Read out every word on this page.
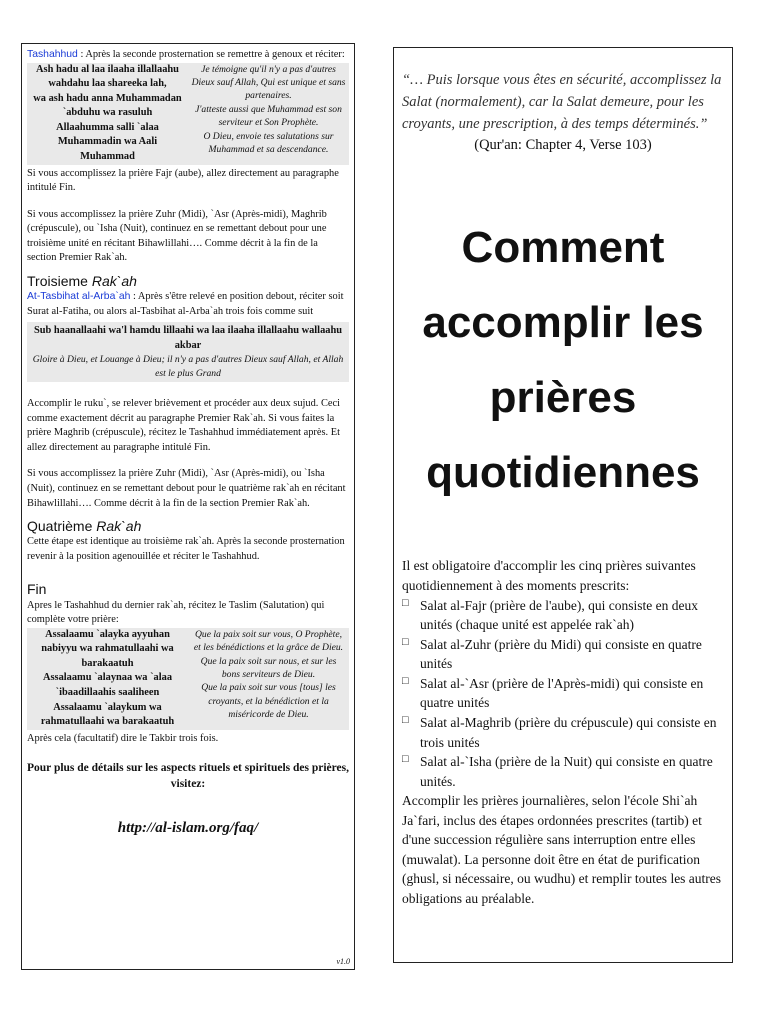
Tashahhud : Après la seconde prosternation se remettre à genoux et réciter:

Ash hadu al laa ilaaha illallaahu wahdahu laa shareeka lah,

wa ash hadu anna Muhammadan `abduhu wa rasuluh

Allaahumma salli `alaa Muhammadin wa Aali Muhammad

Je témoigne qu'il n'y a pas d'autres Dieux sauf Allah, Qui est unique et sans partenaires.

J'atteste aussi que Muhammad est son serviteur et Son Prophète.

O Dieu, envoie tes salutations sur Muhammad et sa descendance.

Si vous accomplissez la prière Fajr (aube), allez directement au paragraphe intitulé Fin.

Si vous accomplissez la prière Zuhr (Midi), `Asr (Après-midi), Maghrib (crépuscule), ou `Isha (Nuit), continuez en se remettant debout pour une troisième unité en récitant Bihawlillahi…. Comme décrit à la fin de la section Premier Rak`ah.

Troisieme Rak`ah

At-Tasbihat al-Arba`ah : Après s'être relevé en position debout, réciter soit Surat al-Fatiha, ou alors al-Tasbihat al-Arba`ah trois fois comme suit

Sub haanallaahi wa'l hamdu lillaahi wa laa ilaaha illallaahu wallaahu akbar

Gloire à Dieu, et Louange à Dieu; il n'y a pas d'autres Dieux sauf Allah, et Allah est le plus Grand

Accomplir le ruku`, se relever brièvement et procéder aux deux sujud. Ceci comme exactement décrit au paragraphe Premier Rak`ah. Si vous faites la prière Maghrib (crépuscule), récitez le Tashahhud immédiatement après. Et allez directement au paragraphe intitulé Fin.

Si vous accomplissez la prière Zuhr (Midi), `Asr (Après-midi), ou `Isha (Nuit), continuez en se remettant debout pour le quatrième rak`ah en récitant Bihawlillahi…. Comme décrit à la fin de la section Premier Rak`ah.

Quatrième Rak`ah

Cette étape est identique au troisième rak`ah. Après la seconde prosternation revenir à la position agenouillée et réciter le Tashahhud.

Fin

Apres le Tashahhud du dernier rak`ah, récitez le Taslim (Salutation) qui complète votre prière:

Assalaamu `alayka ayyuhan nabiyyu wa rahmatullaahi wa barakaatuh

Assalaamu `alaynaa wa `alaa `ibaadillaahis saaliheen

Assalaamu `alaykum wa rahmatullaahi wa barakaatuh

Que la paix soit sur vous, O Prophète, et les bénédictions et la grâce de Dieu.

Que la paix soit sur nous, et sur les bons serviteurs de Dieu.

Que la paix soit sur vous [tous] les croyants, et la bénédiction et la miséricorde de Dieu.

Après cela (facultatif) dire le Takbir trois fois.

Pour plus de détails sur les aspects rituels et spirituels des prières, visitez:

http://al-islam.org/faq/

v1.0

“… Puis lorsque vous êtes en sécurité, accomplissez la Salat (normalement), car la Salat demeure, pour les croyants, une prescription, à des temps déterminés.”

(Qur'an: Chapter 4, Verse 103)

Comment
accomplir les
prières
quotidiennes

Il est obligatoire d'accomplir les cinq prières suivantes quotidiennement à des moments prescrits:

□ Salat al-Fajr (prière de l'aube), qui consiste en deux unités (chaque unité est appelée rak`ah)
□ Salat al-Zuhr (prière du Midi) qui consiste en quatre unités
□ Salat al-`Asr (prière de l'Après-midi) qui consiste en quatre unités
□ Salat al-Maghrib (prière du crépuscule) qui consiste en trois unités
□ Salat al-`Isha (prière de la Nuit) qui consiste en quatre unités.

Accomplir les prières journalières, selon l'école Shi`ah Ja`fari, inclus des étapes ordonnées prescrites (tartib) et d'une succession régulière sans interruption entre elles (muwalat). La personne doit être en état de purification (ghusl, si nécessaire, ou wudhu) et remplir toutes les autres obligations au préalable.
